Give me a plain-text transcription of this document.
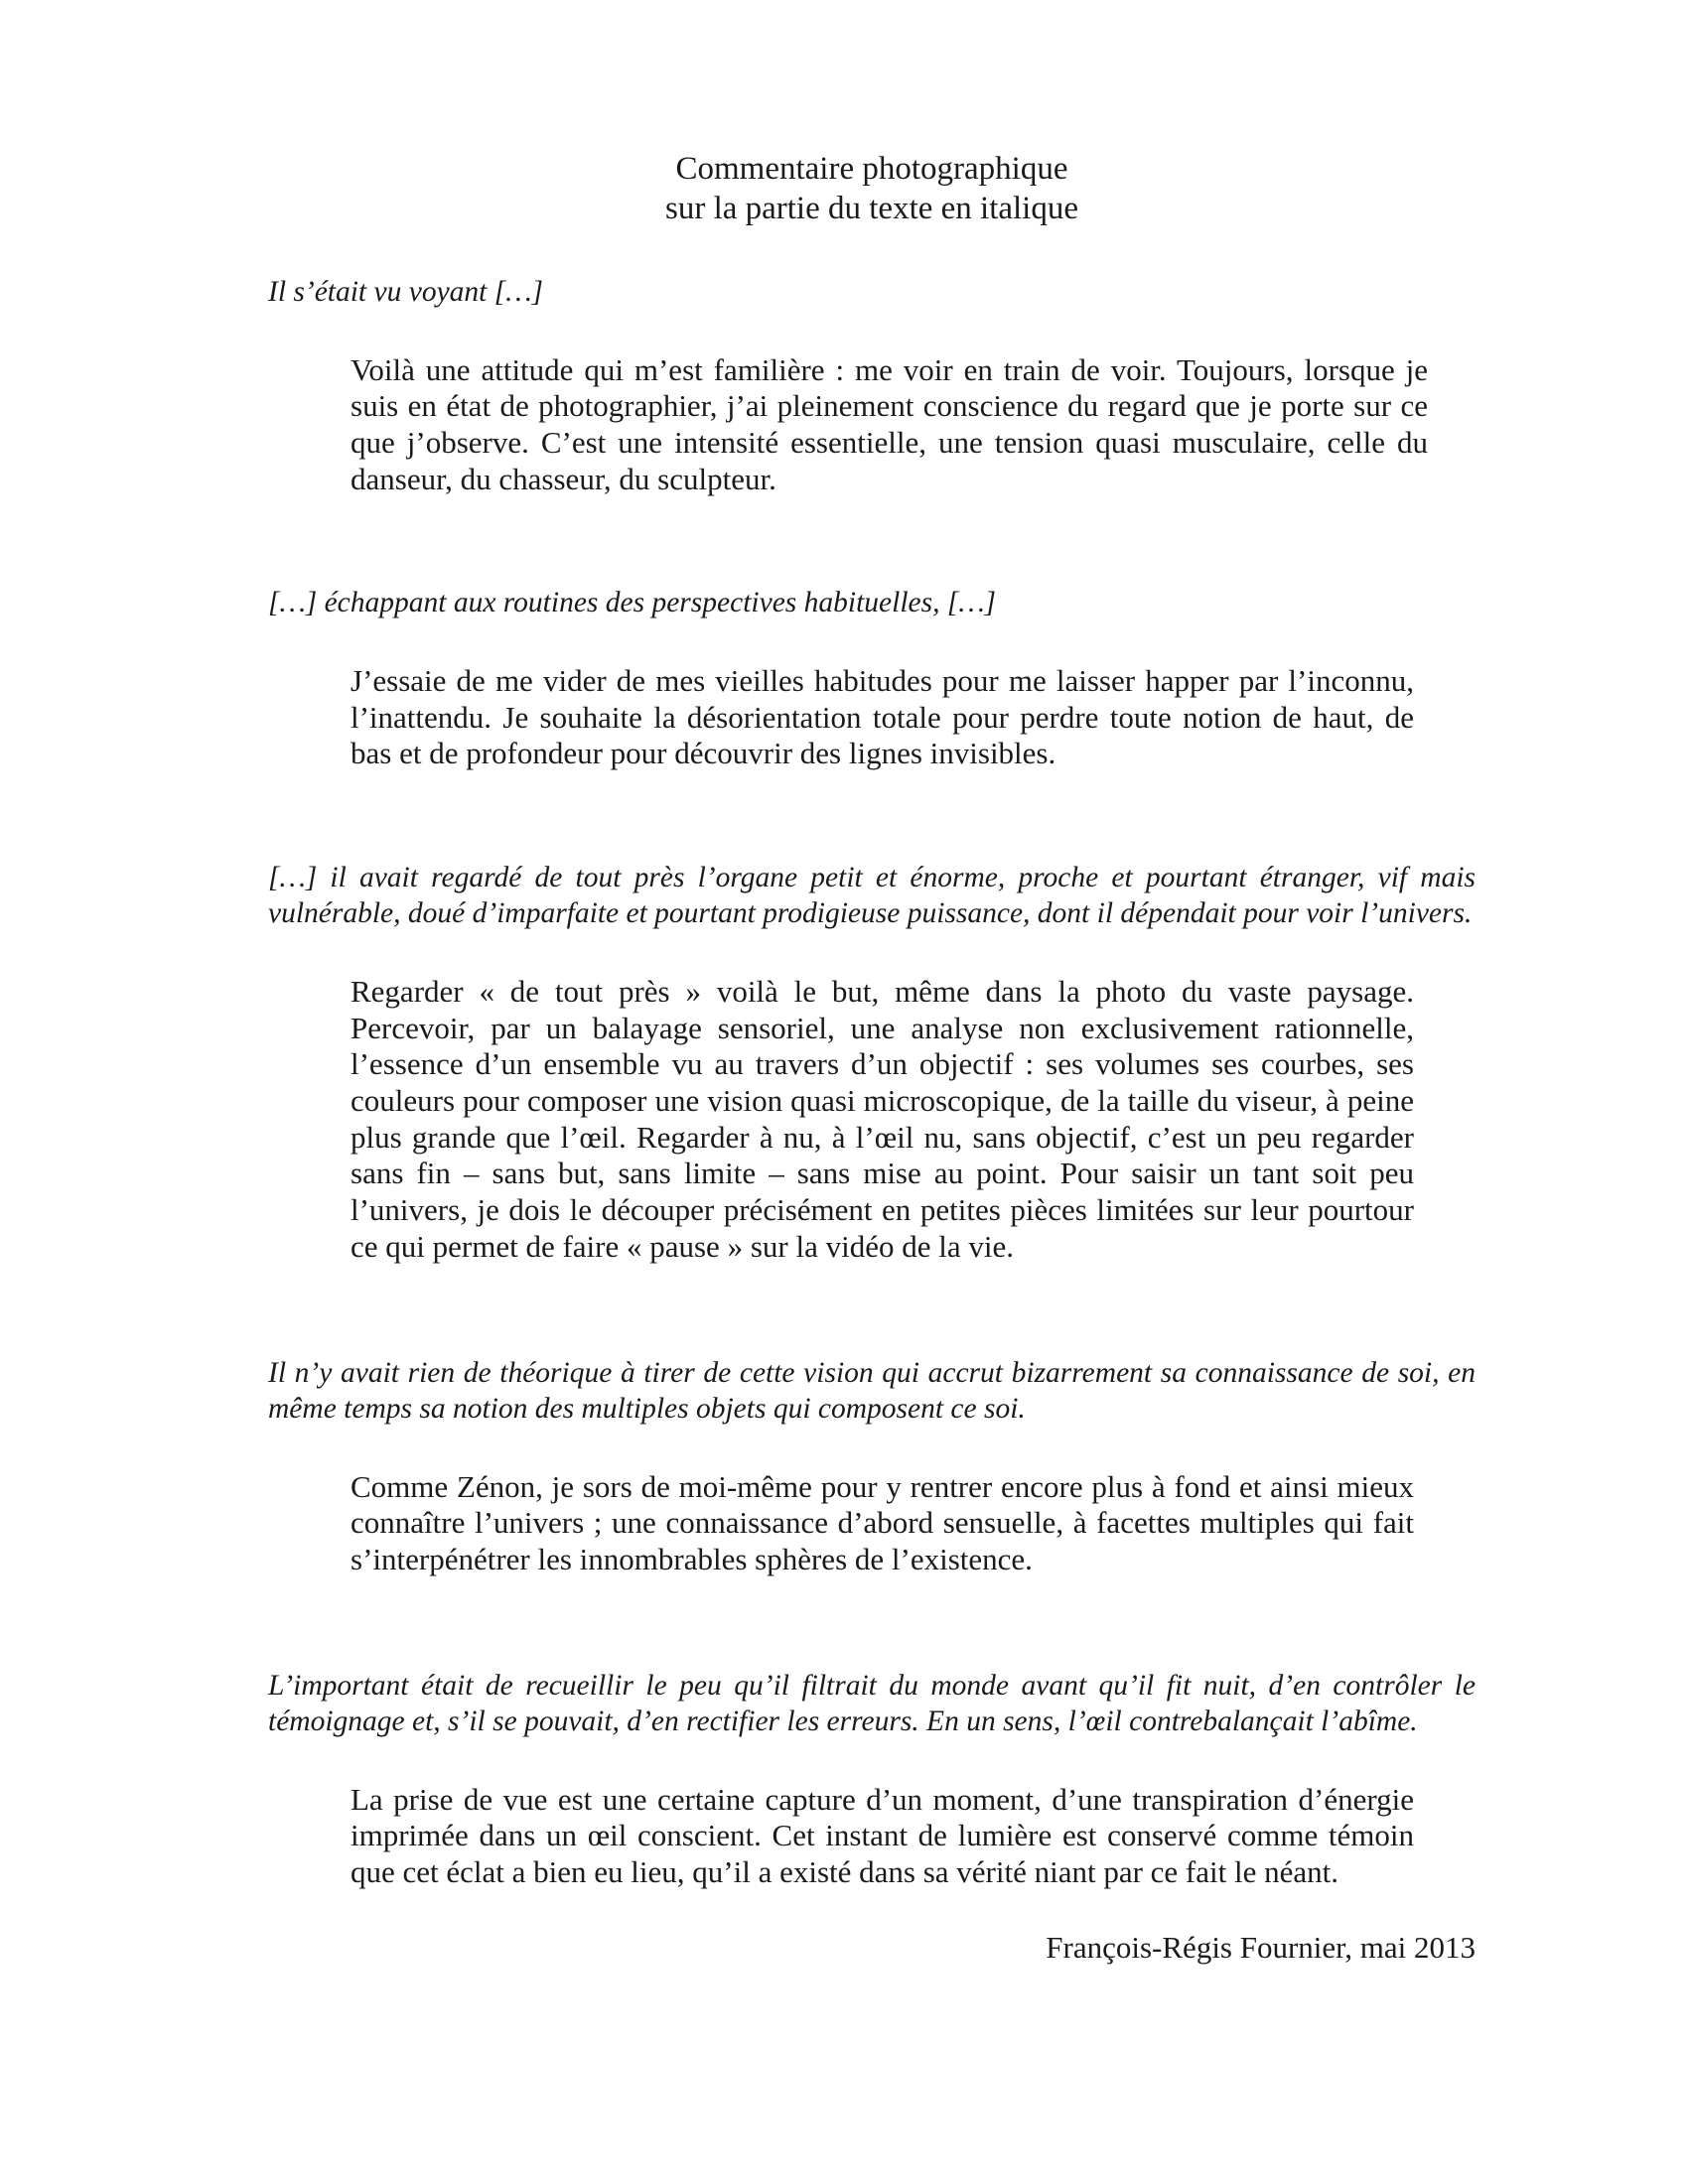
Commentaire photographique
sur la partie du texte en italique

Il s’était vu voyant […]

Voilà une attitude qui m’est familière : me voir en train de voir. Toujours, lorsque je suis en état de photographier, j’ai pleinement conscience du regard que je porte sur ce que j’observe. C’est une intensité essentielle, une tension quasi musculaire, celle du danseur, du chasseur, du sculpteur.

[…] échappant aux routines des perspectives habituelles, […]

J’essaie de me vider de mes vieilles habitudes pour me laisser happer par l’inconnu, l’inattendu. Je souhaite la désorientation totale pour perdre toute notion de haut, de bas et de profondeur pour découvrir des lignes invisibles.

[…] il avait regardé de tout près l’organe petit et énorme, proche et pourtant étranger, vif mais vulnérable, doué d’imparfaite et pourtant prodigieuse puissance, dont il dépendait pour voir l’univers.

Regarder « de tout près » voilà le but, même dans la photo du vaste paysage. Percevoir, par un balayage sensoriel, une analyse non exclusivement rationnelle, l’essence d’un ensemble vu au travers d’un objectif : ses volumes ses courbes, ses couleurs pour composer une vision quasi microscopique, de la taille du viseur, à peine plus grande que l’œil. Regarder à nu, à l’œil nu, sans objectif, c’est un peu regarder sans fin – sans but, sans limite – sans mise au point. Pour saisir un tant soit peu l’univers, je dois le découper précisément en petites pièces limitées sur leur pourtour ce qui permet de faire « pause » sur la vidéo de la vie.

Il n’y avait rien de théorique à tirer de cette vision qui accrut bizarrement sa connaissance de soi, en même temps sa notion des multiples objets qui composent ce soi.

Comme Zénon, je sors de moi-même pour y rentrer encore plus à fond et ainsi mieux connaître l’univers ; une connaissance d’abord sensuelle, à facettes multiples qui fait s’interpénétrer les innombrables sphères de l’existence.

L’important était de recueillir le peu qu’il filtrait du monde avant qu’il fit nuit, d’en contrôler le témoignage et, s’il se pouvait, d’en rectifier les erreurs. En un sens, l’œil contrebalançait l’abîme.

La prise de vue est une certaine capture d’un moment, d’une transpiration d’énergie imprimée dans un œil conscient. Cet instant de lumière est conservé comme témoin que cet éclat a bien eu lieu, qu’il a existé dans sa vérité niant par ce fait le néant.

François-Régis Fournier, mai 2013
